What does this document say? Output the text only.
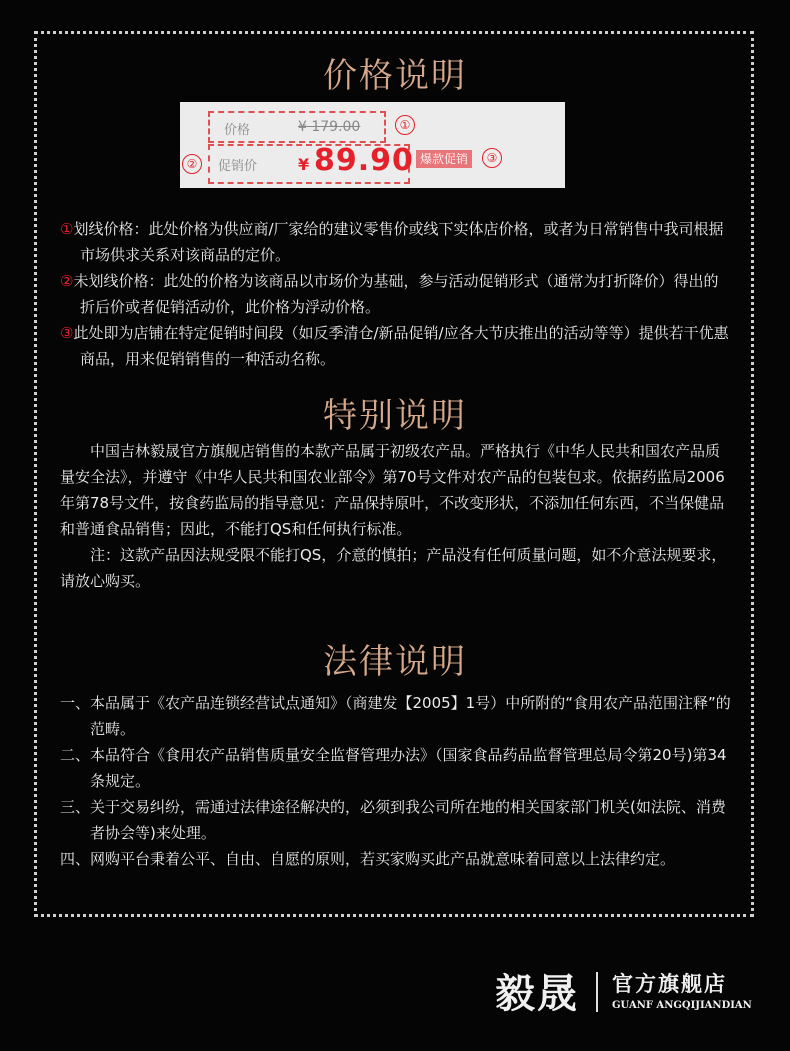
价格说明
价格	¥ 179.00
促销价	¥ 89.90 爆款促销
①
②	③
①划线价格：此处价格为供应商/厂家给的建议零售价或线下实体店价格，或者为日常销售中我司根据市场供求关系对该商品的定价。
②未划线价格：此处的价格为该商品以市场价为基础，参与活动促销形式（通常为打折降价）得出的折后价或者促销活动价，此价格为浮动价格。
③此处即为店铺在特定促销时间段（如反季清仓/新品促销/应各大节庆推出的活动等等）提供若干优惠商品，用来促销销售的一种活动名称。
特别说明
中国吉林毅晟官方旗舰店销售的本款产品属于初级农产品。严格执行《中华人民共和国农产品质量安全法》，并遵守《中华人民共和国农业部令》第70号文件对农产品的包装包求。依据药监局2006年第78号文件，按食药监局的指导意见：产品保持原叶，不改变形状，不添加任何东西，不当保健品和普通食品销售；因此，不能打QS和任何执行标准。
注：这款产品因法规受限不能打QS，介意的慎拍；产品没有任何质量问题，如不介意法规要求，请放心购买。
法律说明
一、本品属于《农产品连锁经营试点通知》（商建发【2005】1号）中所附的“食用农产品范围注释”的范畴。
二、本品符合《食用农产品销售质量安全监督管理办法》（国家食品药品监督管理总局令第20号)第34条规定。
三、关于交易纠纷，需通过法律途径解决的，必须到我公司所在地的相关国家部门机关(如法院、消费者协会等)来处理。
四、网购平台秉着公平、自由、自愿的原则，若买家购买此产品就意味着同意以上法律约定。
毅晟 官方旗舰店
GUANF ANGQIJIANDIAN
